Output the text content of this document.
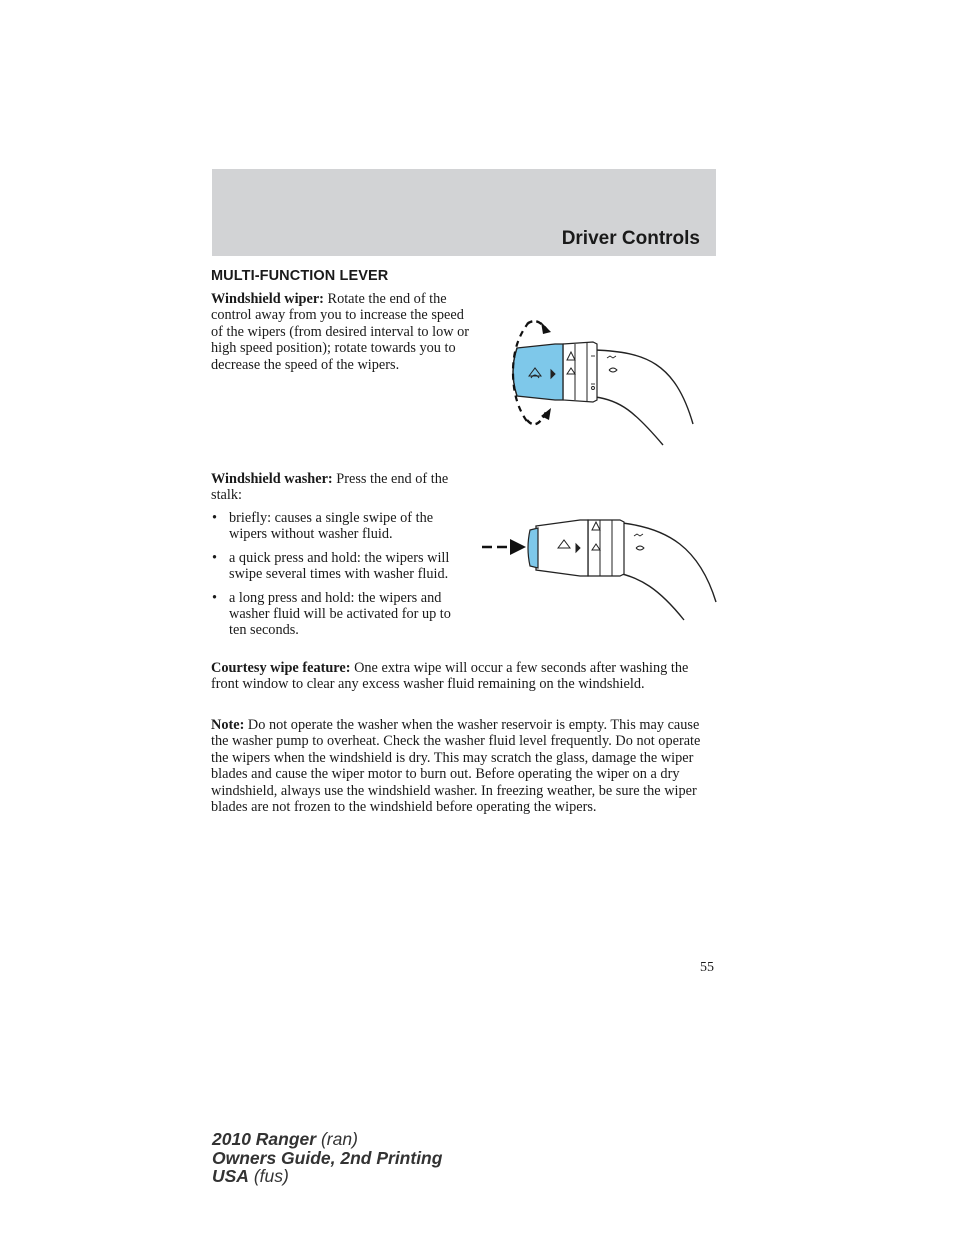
Driver Controls
MULTI-FUNCTION LEVER
Windshield wiper: Rotate the end of the control away from you to increase the speed of the wipers (from desired interval to low or high speed position); rotate towards you to decrease the speed of the wipers.
Windshield washer: Press the end of the stalk:
• briefly: causes a single swipe of the wipers without washer fluid.
• a quick press and hold: the wipers will swipe several times with washer fluid.
• a long press and hold: the wipers and washer fluid will be activated for up to ten seconds.
Courtesy wipe feature: One extra wipe will occur a few seconds after washing the front window to clear any excess washer fluid remaining on the windshield.
Note: Do not operate the washer when the washer reservoir is empty. This may cause the washer pump to overheat. Check the washer fluid level frequently. Do not operate the wipers when the windshield is dry. This may scratch the glass, damage the wiper blades and cause the wiper motor to burn out. Before operating the wiper on a dry windshield, always use the windshield washer. In freezing weather, be sure the wiper blades are not frozen to the windshield before operating the wipers.
55
2010 Ranger (ran)
Owners Guide, 2nd Printing
USA (fus)
